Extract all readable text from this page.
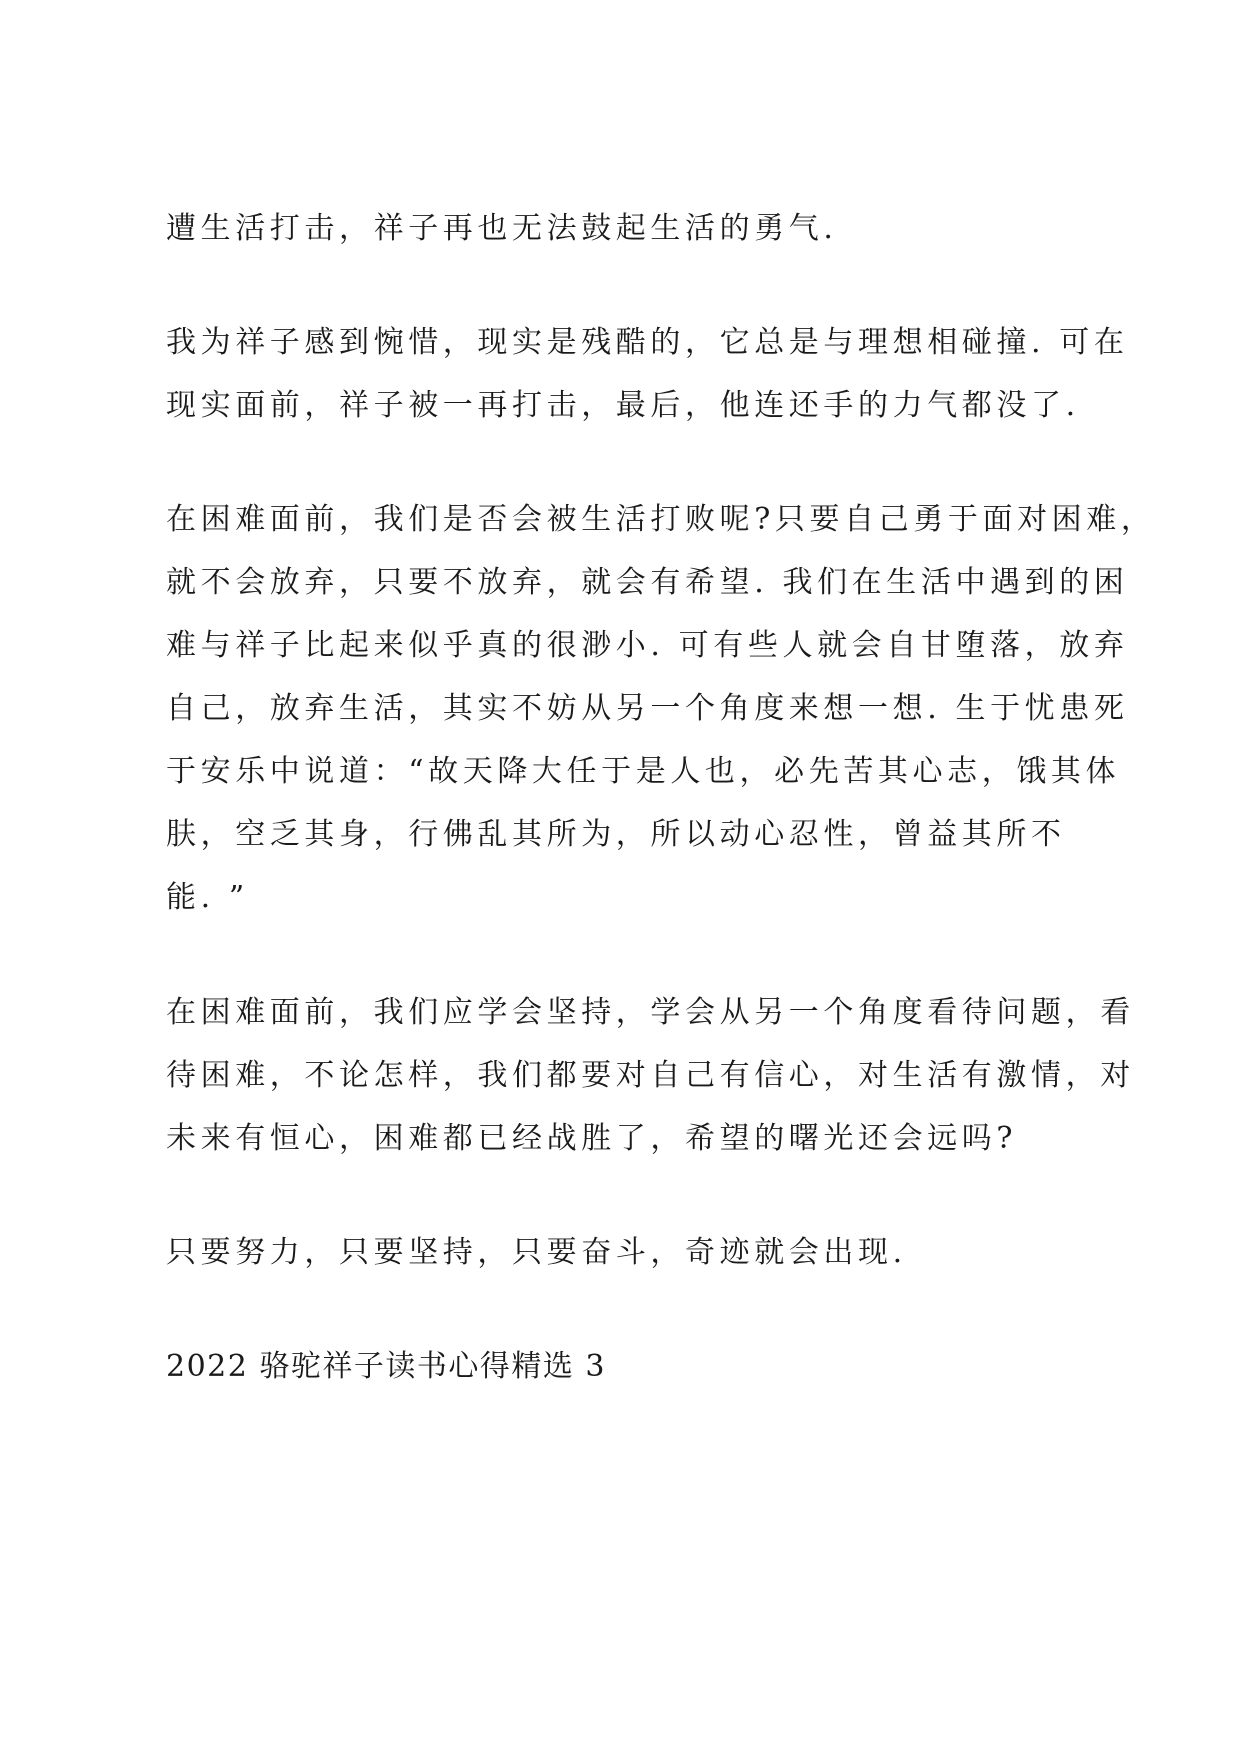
遭生活打击，祥子再也无法鼓起生活的勇气.
我为祥子感到惋惜，现实是残酷的，它总是与理想相碰撞. 可在
现实面前，祥子被一再打击，最后，他连还手的力气都没了.
在困难面前，我们是否会被生活打败呢?只要自己勇于面对困难，
就不会放弃，只要不放弃，就会有希望. 我们在生活中遇到的困
难与祥子比起来似乎真的很渺小. 可有些人就会自甘堕落，放弃
自己，放弃生活，其实不妨从另一个角度来想一想. 生于忧患死
于安乐中说道：“故天降大任于是人也，必先苦其心志，饿其体
肤，空乏其身，行佛乱其所为，所以动心忍性，曾益其所不
能. ”
在困难面前，我们应学会坚持，学会从另一个角度看待问题，看
待困难，不论怎样，我们都要对自己有信心，对生活有激情，对
未来有恒心，困难都已经战胜了，希望的曙光还会远吗?
只要努力，只要坚持，只要奋斗，奇迹就会出现.
2022 骆驼祥子读书心得精选 3
